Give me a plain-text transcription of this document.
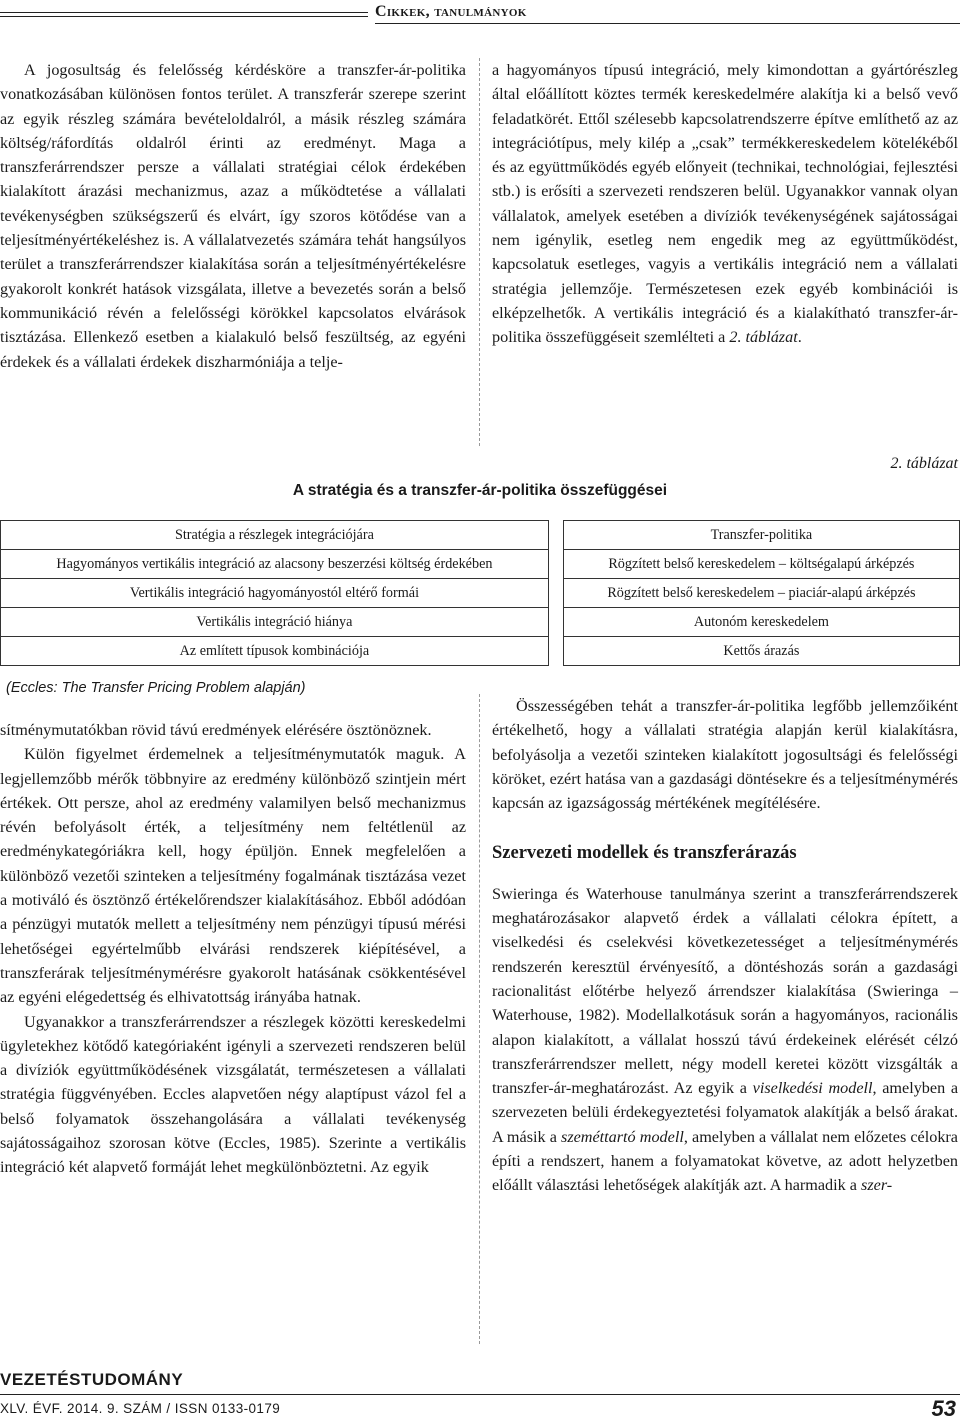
Cikkek, tanulmányok

A jogosultság és felelősség kérdésköre a transzfer-ár-politika vonatkozásában különösen fontos terület. A transzferár szerepe szerint az egyik részleg számára bevételoldalról, a másik részleg számára költség/ráfordítás oldalról érinti az eredményt. Maga a transzferárrendszer persze a vállalati stratégiai célok érdekében kialakított árazási mechanizmus, azaz a működtetése a vállalati tevékenységben szükségszerű és elvárt, így szoros kötődése van a teljesítményértékeléshez is. A vállalatvezetés számára tehát hangsúlyos terület a transzferárrendszer kialakítása során a teljesítményértékelésre gyakorolt konkrét hatások vizsgálata, illetve a bevezetés során a belső kommunikáció révén a felelősségi körökkel kapcsolatos elvárások tisztázása. Ellenkező esetben a kialakuló belső feszültség, az egyéni érdekek és a vállalati érdekek diszharmóniája a telje-

a hagyományos típusú integráció, mely kimondottan a gyártórészleg által előállított köztes termék kereskedelmére alakítja ki a belső vevő feladatkörét. Ettől szélesebb kapcsolatrendszerre építve említhető az az integrációtípus, mely kilép a „csak” termékkereskedelem kötelékéből és az együttműködés egyéb előnyeit (technikai, technológiai, fejlesztési stb.) is erősíti a szervezeti rendszeren belül. Ugyanakkor vannak olyan vállalatok, amelyek esetében a divíziók tevékenységének sajátosságai nem igénylik, esetleg nem engedik meg az együttműködést, kapcsolatuk esetleges, vagyis a vertikális integráció nem a vállalati stratégia jellemzője. Természetesen ezek egyéb kombinációi is elképzelhetők. A vertikális integráció és a kialakítható transzfer-ár-politika összefüggéseit szemlélteti a 2. táblázat.

2. táblázat
A stratégia és a transzfer-ár-politika összefüggései
Stratégia a részlegek integrációjára		Transzfer-politika
Hagyományos vertikális integráció az alacsony beszerzési költség érdekében		Rögzített belső kereskedelem – költségalapú árképzés
Vertikális integráció hagyományostól eltérő formái		Rögzített belső kereskedelem – piaciár-alapú árképzés
Vertikális integráció hiánya		Autonóm kereskedelem
Az említett típusok kombinációja		Kettős árazás
(Eccles: The Transfer Pricing Problem alapján)

sítménymutatókban rövid távú eredmények elérésére ösztönöznek.

Külön figyelmet érdemelnek a teljesítménymutatók maguk. A legjellemzőbb mérők többnyire az eredmény különböző szintjein mért értékek. Ott persze, ahol az eredmény valamilyen belső mechanizmus révén befolyásolt érték, a teljesítmény nem feltétlenül az eredménykategóriákra kell, hogy épüljön. Ennek megfelelően a különböző vezetői szinteken a teljesítmény fogalmának tisztázása vezet a motiváló és ösztönző értékelőrendszer kialakításához. Ebből adódóan a pénzügyi mutatók mellett a teljesítmény nem pénzügyi típusú mérési lehetőségei egyértelműbb elvárási rendszerek kiépítésével, a transzferárak teljesítménymérésre gyakorolt hatásának csökkentésével az egyéni elégedettség és elhivatottság irányába hatnak.

Ugyanakkor a transzferárrendszer a részlegek közötti kereskedelmi ügyletekhez kötődő kategóriaként igényli a szervezeti rendszeren belül a divíziók együttműködésének vizsgálatát, természetesen a vállalati stratégia függvényében. Eccles alapvetően négy alaptípust vázol fel a belső folyamatok összehangolására a vállalati tevékenység sajátosságaihoz szorosan kötve (Eccles, 1985). Szerinte a vertikális integráció két alapvető formáját lehet megkülönböztetni. Az egyik

Összességében tehát a transzfer-ár-politika legfőbb jellemzőiként értékelhető, hogy a vállalati stratégia alapján kerül kialakításra, befolyásolja a vezetői szinteken kialakított jogosultsági és felelősségi köröket, ezért hatása van a gazdasági döntésekre és a teljesítménymérés kapcsán az igazságosság mértékének megítélésére.

Szervezeti modellek és transzferárazás

Swieringa és Waterhouse tanulmánya szerint a transzferárrendszerek meghatározásakor alapvető érdek a vállalati célokra épített, a viselkedési és cselekvési következetességet a teljesítménymérés rendszerén keresztül érvényesítő, a döntéshozás során a gazdasági racionalitást előtérbe helyező árrendszer kialakítása (Swieringa – Waterhouse, 1982). Modellalkotásuk során a hagyományos, racionális alapon kialakított, a vállalat hosszú távú érdekeinek elérését célzó transzferárrendszer mellett, négy modell keretei között vizsgálták a transzfer-ár-meghatározást. Az egyik a viselkedési modell, amelyben a szervezeten belüli érdekegyeztetési folyamatok alakítják a belső árakat. A másik a szeméttartó modell, amelyben a vállalat nem előzetes célokra építi a rendszert, hanem a folyamatokat követve, az adott helyzetben előállt választási lehetőségek alakítják azt. A harmadik a szer-

VEZETÉSTUDOMÁNY
XLV. ÉVF. 2014. 9. SZÁM / ISSN 0133-0179	53
